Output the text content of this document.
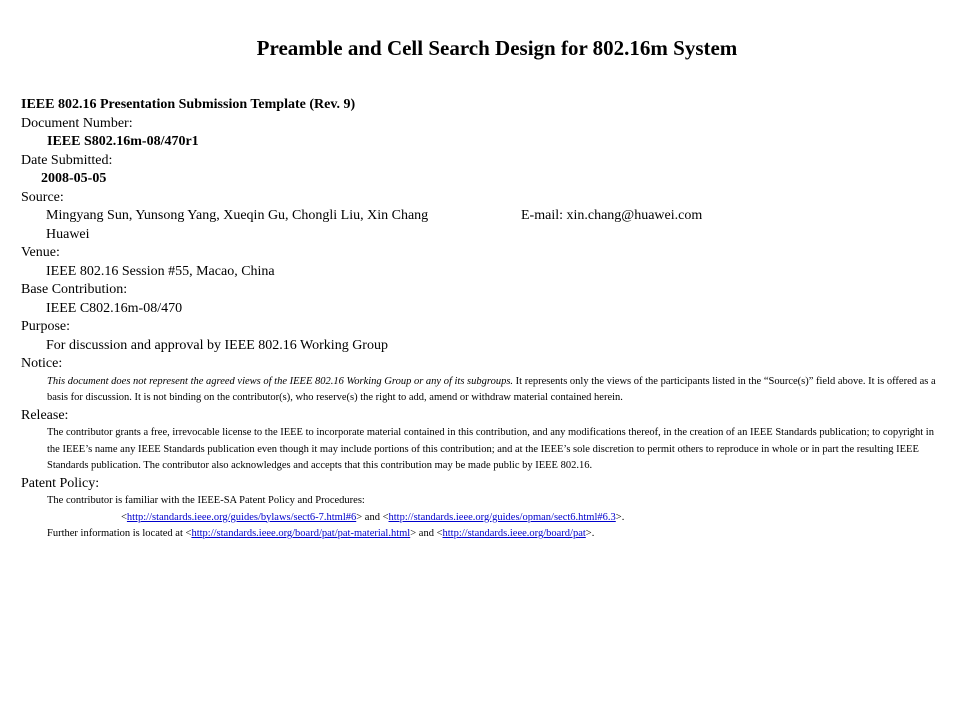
Preamble and Cell Search Design for 802.16m System
IEEE 802.16 Presentation Submission Template (Rev. 9)
Document Number:
IEEE S802.16m-08/470r1
Date Submitted:
2008-05-05
Source:
Mingyang Sun, Yunsong Yang, Xueqin Gu, Chongli Liu, Xin Chang	E-mail: xin.chang@huawei.com
Huawei
Venue:
IEEE 802.16 Session #55, Macao, China
Base Contribution:
IEEE C802.16m-08/470
Purpose:
For discussion and approval by IEEE 802.16 Working Group
Notice:
This document does not represent the agreed views of the IEEE 802.16 Working Group or any of its subgroups. It represents only the views of the participants listed in the “Source(s)” field above. It is offered as a basis for discussion. It is not binding on the contributor(s), who reserve(s) the right to add, amend or withdraw material contained herein.
Release:
The contributor grants a free, irrevocable license to the IEEE to incorporate material contained in this contribution, and any modifications thereof, in the creation of an IEEE Standards publication; to copyright in the IEEE’s name any IEEE Standards publication even though it may include portions of this contribution; and at the IEEE’s sole discretion to permit others to reproduce in whole or in part the resulting IEEE Standards publication. The contributor also acknowledges and accepts that this contribution may be made public by IEEE 802.16.
Patent Policy:
The contributor is familiar with the IEEE-SA Patent Policy and Procedures:
<http://standards.ieee.org/guides/bylaws/sect6-7.html#6> and <http://standards.ieee.org/guides/opman/sect6.html#6.3>.
Further information is located at <http://standards.ieee.org/board/pat/pat-material.html> and <http://standards.ieee.org/board/pat>.
